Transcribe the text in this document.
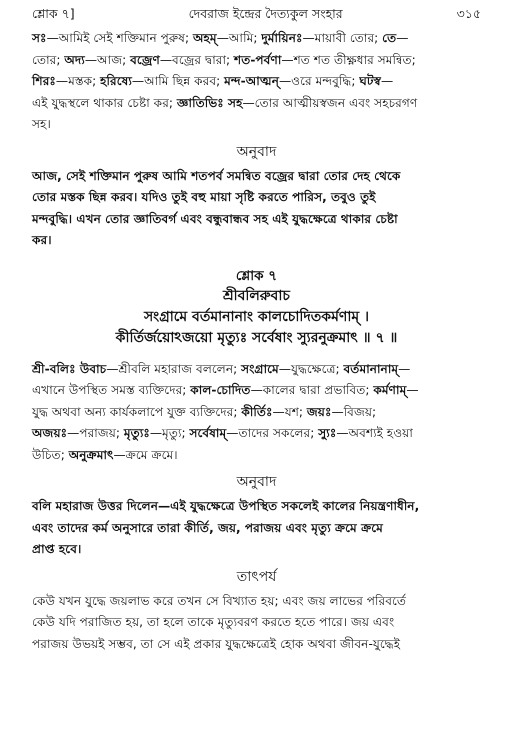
শ্লোক ৭]	দেবরাজ ইন্দ্রের দৈত্যকুল সংহার	৩১৫

সঃ—আমিই সেই শক্তিমান পুরুষ; অহম্—আমি; দুর্মায়িনঃ—মায়াবী তোর; তে—

তোর; অদ্য—আজ; বজ্রেণ—বজ্রের দ্বারা; শত-পর্বণা—শত শত তীক্ষ্ণধার সমন্বিত;

শিরঃ—মস্তক; হরিষ্যে—আমি ছিন্ন করব; মন্দ-আত্মন্—ওরে মন্দবুদ্ধি; ঘটস্ব—

এই যুদ্ধস্থলে থাকার চেষ্টা কর; জ্ঞাতিভিঃ সহ—তোর আত্মীয়স্বজন এবং সহচরগণ

সহ।

অনুবাদ

আজ, সেই শক্তিমান পুরুষ আমি শতপর্ব সমন্বিত বজ্রের দ্বারা তোর দেহ থেকে

তোর মস্তক ছিন্ন করব। যদিও তুই বহু মায়া সৃষ্টি করতে পারিস, তবুও তুই

মন্দবুদ্ধি। এখন তোর জ্ঞাতিবর্গ এবং বন্ধুবান্ধব সহ এই যুদ্ধক্ষেত্রে থাকার চেষ্টা

কর।

শ্লোক ৭
শ্রীবলিরুবাচ
সংগ্রামে বর্তমানানাং কালচোদিতকর্মণাম্ ।
কীর্তির্জয়োঽজয়ো মৃত্যুঃ সর্বেষাং স্যুরনুক্রমাৎ ॥ ৭ ॥

শ্রী-বলিঃ উবাচ—শ্রীবলি মহারাজ বললেন; সংগ্রামে—যুদ্ধক্ষেত্রে; বর্তমানানাম্—

এখানে উপস্থিত সমস্ত ব্যক্তিদের; কাল-চোদিত—কালের দ্বারা প্রভাবিত; কর্মণাম্—

যুদ্ধ অথবা অন্য কার্যকলাপে যুক্ত ব্যক্তিদের; কীর্তিঃ—যশ; জয়ঃ—বিজয়;

অজয়ঃ—পরাজয়; মৃত্যুঃ—মৃত্যু; সর্বেষাম্—তাদের সকলের; স্যুঃ—অবশ্যই হওয়া

উচিত; অনুক্রমাৎ—ক্রমে ক্রমে।

অনুবাদ

বলি মহারাজ উত্তর দিলেন—এই যুদ্ধক্ষেত্রে উপস্থিত সকলেই কালের নিয়ন্ত্রণাধীন,

এবং তাদের কর্ম অনুসারে তারা কীর্তি, জয়, পরাজয় এবং মৃত্যু ক্রমে ক্রমে

প্রাপ্ত হবে।

তাৎপর্য

কেউ যখন যুদ্ধে জয়লাভ করে তখন সে বিখ্যাত হয়; এবং জয় লাভের পরিবর্তে

কেউ যদি পরাজিত হয়, তা হলে তাকে মৃত্যুবরণ করতে হতে পারে। জয় এবং

পরাজয় উভয়ই সম্ভব, তা সে এই প্রকার যুদ্ধক্ষেত্রেই হোক অথবা জীবন-যুদ্ধেই
